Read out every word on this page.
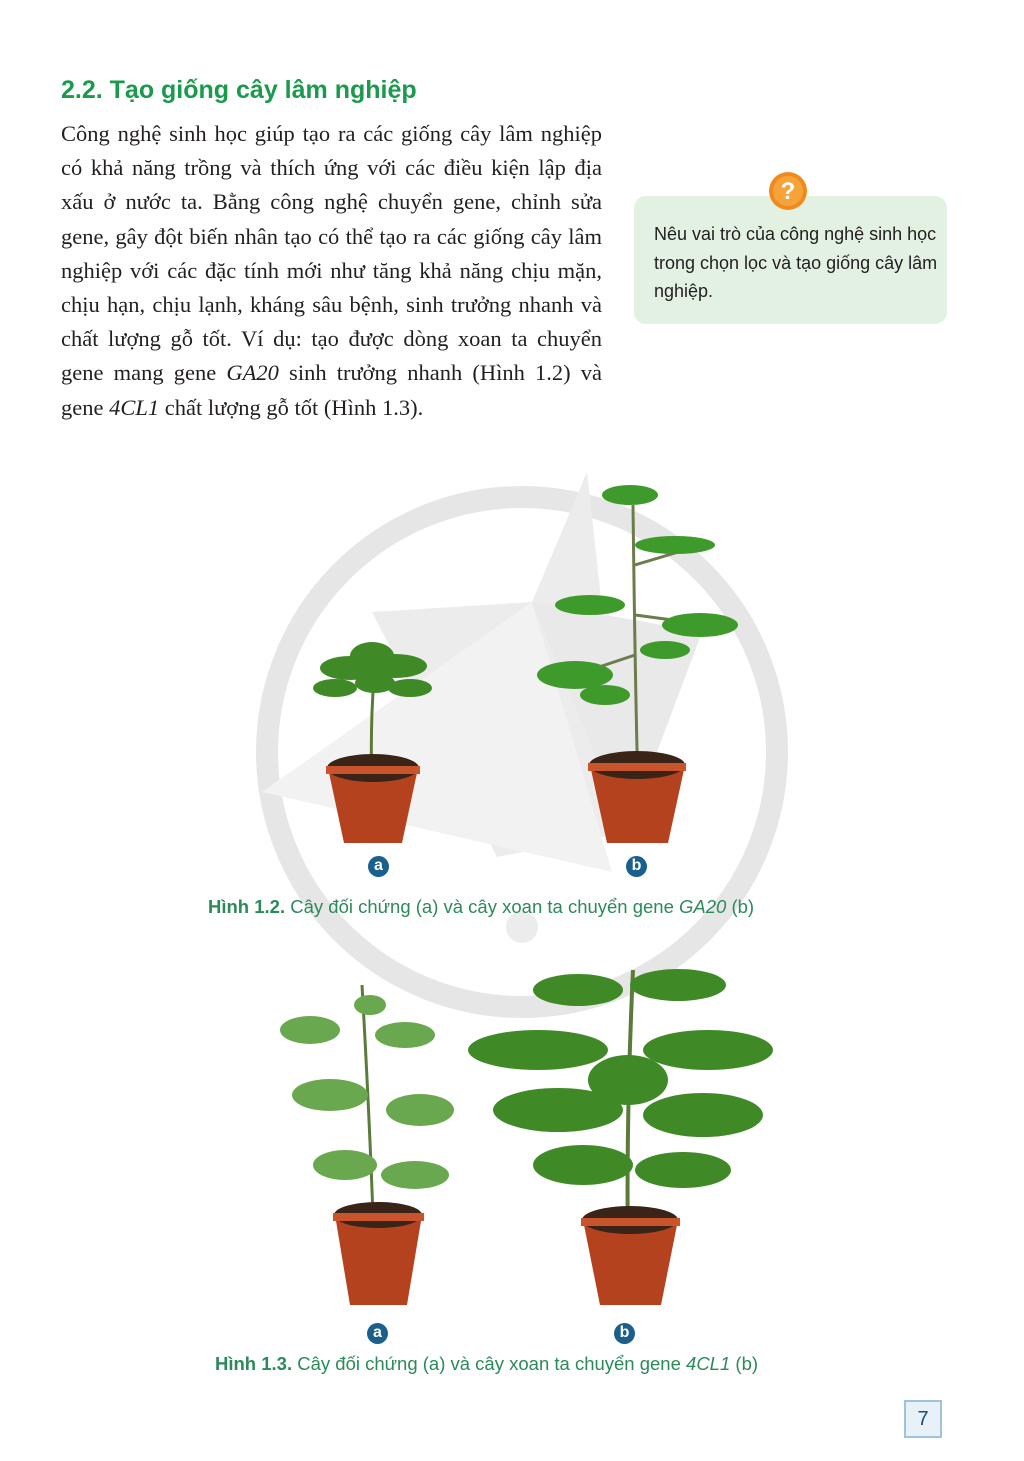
2.2. Tạo giống cây lâm nghiệp

Công nghệ sinh học giúp tạo ra các giống cây lâm nghiệp có khả năng trồng và thích ứng với các điều kiện lập địa xấu ở nước ta. Bằng công nghệ chuyển gene, chỉnh sửa gene, gây đột biến nhân tạo có thể tạo ra các giống cây lâm nghiệp với các đặc tính mới như tăng khả năng chịu mặn, chịu hạn, chịu lạnh, kháng sâu bệnh, sinh trưởng nhanh và chất lượng gỗ tốt. Ví dụ: tạo được dòng xoan ta chuyển gene mang gene GA20 sinh trưởng nhanh (Hình 1.2) và gene 4CL1 chất lượng gỗ tốt (Hình 1.3).

Nêu vai trò của công nghệ sinh học trong chọn lọc và tạo giống cây lâm nghiệp.

?
a	b

Hình 1.2. Cây đối chứng (a) và cây xoan ta chuyển gene GA20 (b)

a	b

Hình 1.3. Cây đối chứng (a) và cây xoan ta chuyển gene 4CL1 (b)

7
